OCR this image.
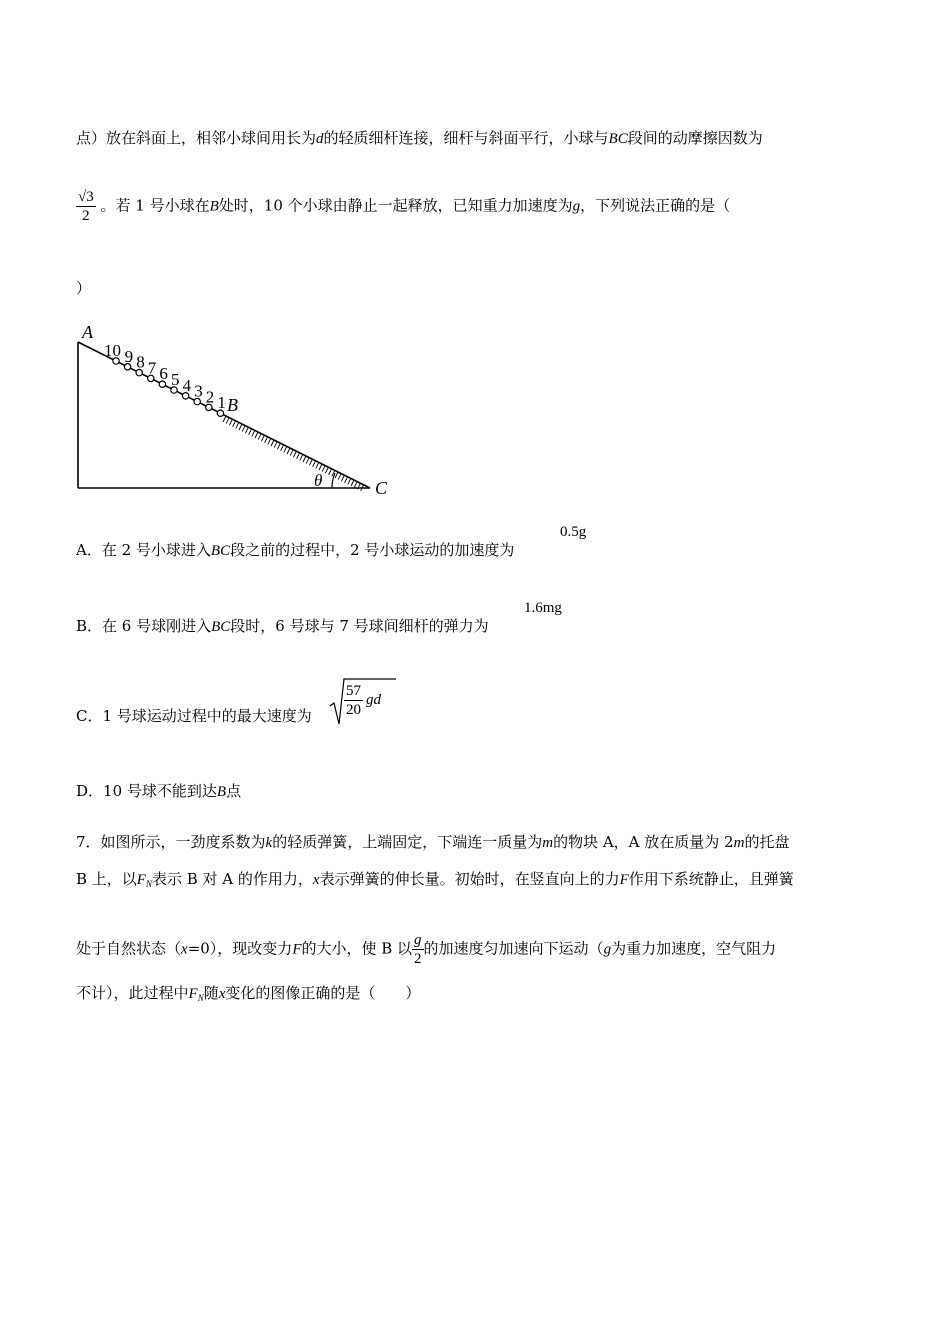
点）放在斜面上，相邻小球间用长为d的轻质细杆连接，细杆与斜面平行，小球与BC段间的动摩擦因数为
$\frac{√3}{2}$ 。若 1 号小球在B处时，10 个小球由静止一起释放，已知重力加速度为g，下列说法正确的是（
）
10 9 8 7 6 5 4 3 2 1
A
B
C
θ
A．在 2 号小球进入BC段之前的过程中，2 号小球运动的加速度为
0.5g
B．在 6 号球刚进入BC段时，6 号球与 7 号球间细杆的弹力为
1.6mg
C．1 号球运动过程中的最大速度为 $\frac{57}{20}$ gd
D．10 号球不能到达B点
7．如图所示，一劲度系数为k的轻质弹簧，上端固定，下端连一质量为m的物块 A，A 放在质量为 2m的托盘
B 上，以$F_N$表示 B 对 A 的作用力，x表示弹簧的伸长量。初始时，在竖直向上的力F作用下系统静止，且弹簧
处于自然状态（x=0），现改变力F的大小，使 B 以 $\frac{g}{2}$ 的加速度匀加速向下运动（g为重力加速度，空气阻力
不计），此过程中$F_N$随x变化的图像正确的是（　　）
